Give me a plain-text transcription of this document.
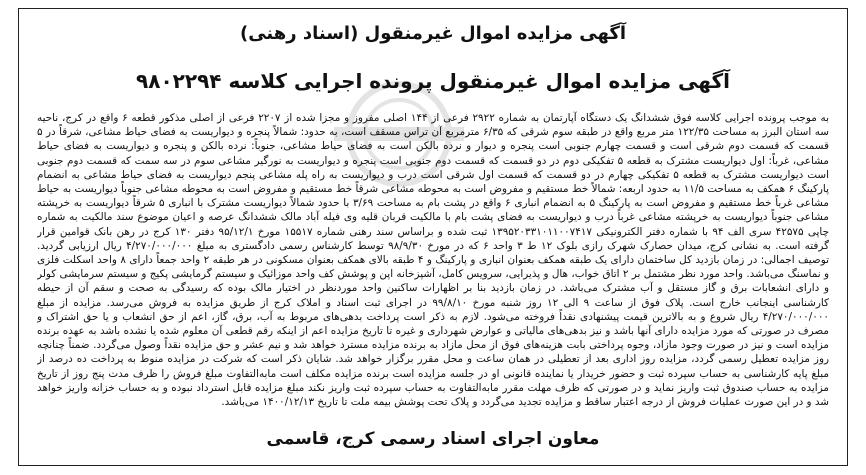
آگهی مزایده اموال غیرمنقول (اسناد رهنی)
آگهی مزایده اموال غیرمنقول پرونده اجرایی کلاسه ۹۸۰۲۲۹۴
به موجب پرونده اجرایی کلاسه فوق ششدانگ یک دستگاه آپارتمان به شماره ۲۹۲۲ فرعی از ۱۴۴ اصلی مفروز و مجزا شده از ۲۲۰۷ فرعی از اصلی مذکور قطعه ۶ واقع در کرج، ناحیه سه استان البرز به مساحت ۱۲۲/۳۵ متر مربع واقع در طبقه سوم شرقی که ۶/۳۵ مترمربع آن تراس مسقف است، به حدود: شمالاً پنجره و دیواریست به فضای حیاط مشاعی، شرقاً در ۵ قسمت که قسمت دوم شرقی است و قسمت چهارم جنوبی است پنجره و دیوار و نرده بالکن است به فضای حیاط مشاعی، جنوباً: نرده بالکن و پنجره و دیواریست به فضای حیاط مشاعی، غرباً: اول دیواریست مشترک به قطعه ۵ تفکیکی دوم در دو قسمت که قسمت دوم جنوبی است پنجره و دیواریست به نورگیر مشاعی سوم در سه سمت که قسمت دوم جنوبی است دیواریست مشترک به قطعه ۵ تفکیکی چهارم در دو قسمت که قسمت اول شرقی است درب و دیواریست به راه پله مشاعی پنجم دیواریست به فضای حیاط مشاعی به انضمام پارکینگ ۶ همکف به مساحت ۱۱/۵ به حدود اربعه: شمالاً خط مستقیم و مفروض است به محوطه مشاعی شرقاً خط مستقیم و مفروض است به محوطه مشاعی جنوباً دیواریست به حیاط مشاعی غرباً خط مستقیم و مفروض است به پارکینگ ۵ به انضمام انباری ۶ واقع در پشت بام به مساحت ۳/۶۹ با حدود شمالاً دیواریست مشترک با انباری ۵ شرقاً دیواریست به خرپشته مشاعی جنوباً دیواریست به خرپشته مشاعی غرباً درب و دیواریست به فضای پشت بام با مالکیت قربان قلیه وی فیله آباد مالک ششدانگ عرصه و اعیان موضوع سند مالکیت به شماره چاپی ۴۲۵۷۵ سری الف ۹۴ با شماره دفتر الکترونیکی ۱۳۹۵۲۰۳۳۱۰۱۱۰۰۷۴۱۷ ثبت شده و براساس سند رهنی شماره ۱۵۵۱۷ مورخ ۹۵/۱۲/۱ دفتر ۱۳۰ کرج در رهن بانک قوامین قرار گرفته است. به نشانی کرج، میدان حصارک شهرک رازی بلوک ۱۲ ط ۳ واحد ۶ که در مورخ ۹۸/۹/۳۰ توسط کارشناس رسمی دادگستری به مبلغ ۴/۲۷۰/۰۰۰/۰۰۰ ریال ارزیابی گردید. توصیف اجمالی: در زمان بازدید کل ساختمان دارای یک طبقه همکف بعنوان انباری و پارکینگ و ۴ طبقه بالای همکف بعنوان مسکونی در هر طبقه ۲ واحد جمعاً دارای ۸ واحد اسکلت فلزی و نماسنگ می‌باشد. واحد مورد نظر مشتمل بر ۲ اتاق خواب، هال و پذیرایی، سرویس کامل، آشپزخانه اپن و پوشش کف واحد موزائیک و سیستم گرمایشی پکیج و سیستم سرمایشی کولر و دارای انشعابات برق و گاز مستقل و آب مشترک می‌باشد. در زمان بازدید بنا بر اظهارات ساکنین واحد موردنظر در اختیار مالک بوده که رسیدگی به صحت و سقم آن از حیطه کارشناسی اینجانب خارج است. پلاک فوق از ساعت ۹ الی ۱۲ روز شنبه مورخ ۹۹/۸/۱۰ در اجرای ثبت اسناد و املاک کرج از طریق مزایده به فروش می‌رسد. مزایده از مبلغ ۴/۲۷۰/۰۰۰/۰۰۰ ریال شروع و به بالاترین قیمت پیشنهادی نقداً فروخته می‌شود. لازم به ذکر است پرداخت بدهی‌های مربوط به آب، برق، گاز، اعم از حق انشعاب و یا حق اشتراک و مصرف در صورتی که مورد مزایده دارای آنها باشد و نیز بدهی‌های مالیاتی و عوارض شهرداری و غیره تا تاریخ مزایده اعم از اینکه رقم قطعی آن معلوم شده یا نشده باشد به عهده برنده مزایده است و نیز در صورت وجود مازاد، وجوه پرداختی بابت هزینه‌های فوق از محل مازاد به برنده مزایده مسترد خواهد شد و نیم عشر و حق مزایده نقداً وصول می‌گردد. ضمناً چنانچه روز مزایده تعطیل رسمی گردد، مزایده روز اداری بعد از تعطیلی در همان ساعت و محل مقرر برگزار خواهد شد. شایان ذکر است که شرکت در مزایده منوط به پرداخت ده درصد از مبلغ پایه کارشناسی به حساب سپرده ثبت و حضور خریدار یا نماینده قانونی او در جلسه مزایده است برنده مزایده مکلف است مابه‌التفاوت مبلغ فروش را ظرف مدت پنج روز از تاریخ مزایده به حساب صندوق ثبت واریز نماید و در صورتی که ظرف مهلت مقرر مابه‌التفاوت به حساب سپرده ثبت واریز نکند مبلغ مزایده قابل استرداد نبوده و به حساب خزانه واریز خواهد شد و در این صورت عملیات فروش از درجه اعتبار ساقط و مزایده تجدید می‌گردد و پلاک تحت پوشش بیمه ملت تا تاریخ ۱۴۰۰/۱۲/۱۳ می‌باشد.
معاون اجرای اسناد رسمی کرج، قاسمی
